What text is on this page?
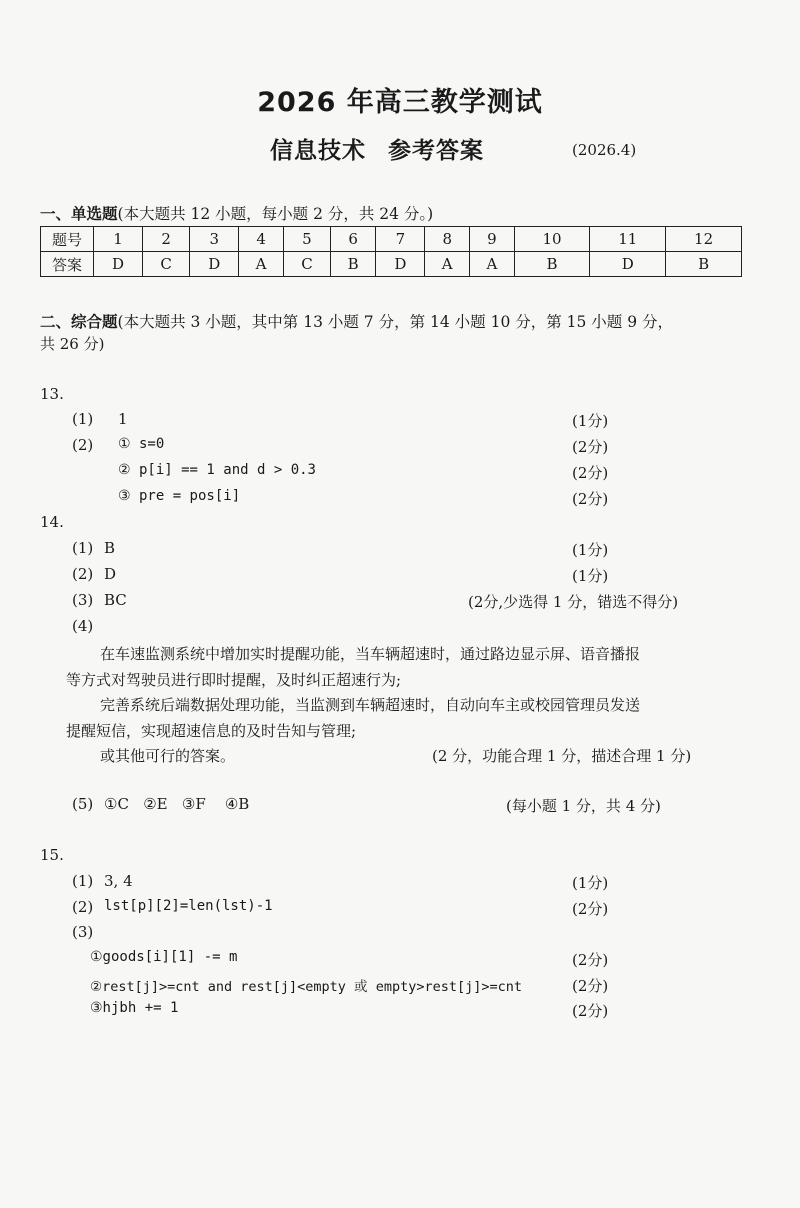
2026 年高三教学测试
信息技术 参考答案	(2026.4)
一、单选题(本大题共 12 小题，每小题 2 分，共 24 分。)
题号	1	2	3	4	5	6	7	8	9	10	11	12
答案	D	C	D	A	C	B	D	A	A	B	D	B
二、综合题(本大题共 3 小题，其中第 13 小题 7 分，第 14 小题 10 分，第 15 小题 9 分，
共 26 分)
13.
(1) 1	(1分)
(2) ① s=0	(2分)
② p[i] == 1 and d > 0.3	(2分)
③ pre = pos[i]	(2分)
14.
(1) B	(1分)
(2) D	(1分)
(3) BC	(2分,少选得 1 分，错选不得分)
(4)
在车速监测系统中增加实时提醒功能，当车辆超速时，通过路边显示屏、语音播报
等方式对驾驶员进行即时提醒，及时纠正超速行为;
完善系统后端数据处理功能，当监测到车辆超速时，自动向车主或校园管理员发送
提醒短信，实现超速信息的及时告知与管理;
或其他可行的答案。	(2 分，功能合理 1 分，描述合理 1 分)
(5) ①C   ②E   ③F    ④B	(每小题 1 分，共 4 分)
15.
(1) 3, 4	(1分)
(2) lst[p][2]=len(lst)-1	(2分)
(3)
①goods[i][1] -= m	(2分)
②rest[j]>=cnt and rest[j]<empty 或 empty>rest[j]>=cnt	(2分)
③hjbh += 1	(2分)
